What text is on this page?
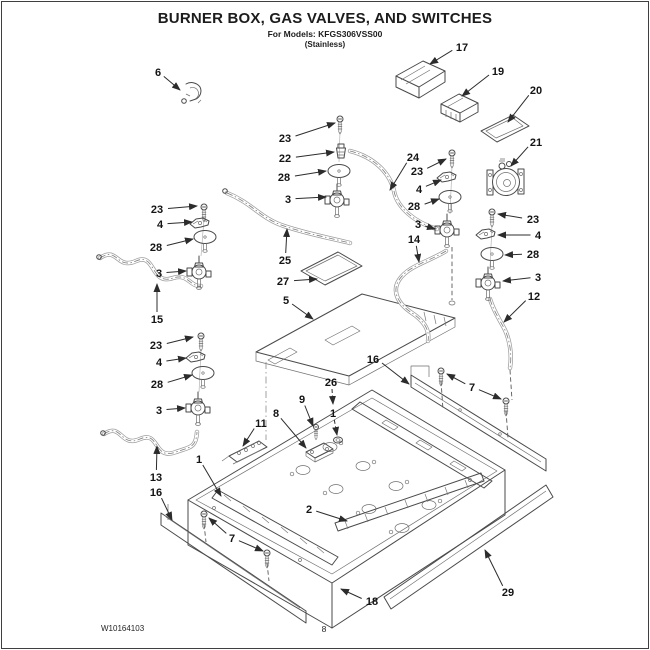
BURNER BOX, GAS VALVES, AND SWITCHES
For Models: KFGS306VSS00
(Stainless)
6
17
19
20
21
23
22
28
3
25
24
23
4
28
3
14
23
4
28
3
12
23
4
28
3
15
23
4
28
3
13
16
27
5
16
26
1
9
8
11
1
7
2
7
18
29
W10164103	8
